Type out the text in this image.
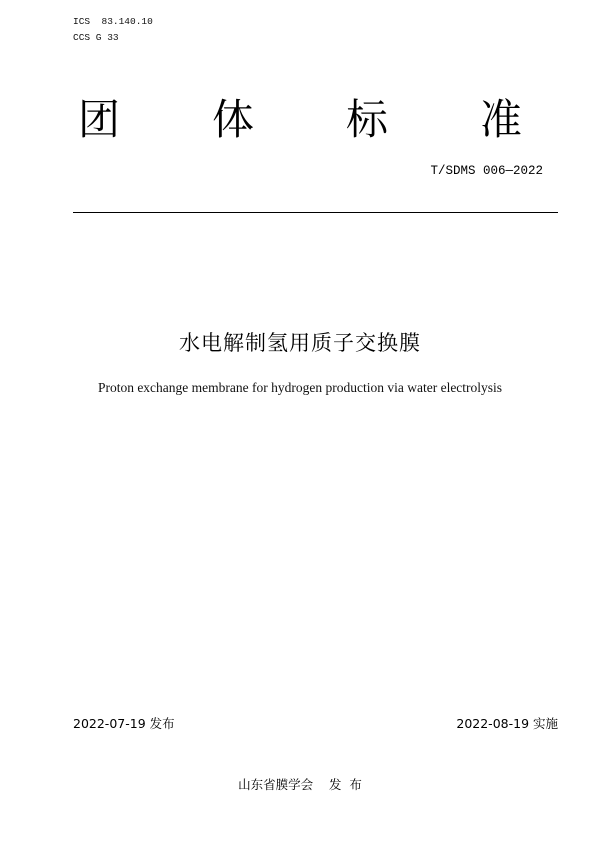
ICS  83.140.10
CCS G 33
团 体 标 准
T/SDMS 006—2022
水电解制氢用质子交换膜
Proton exchange membrane for hydrogen production via water electrolysis
2022-07-19 发布	2022-08-19 实施
山东省膜学会    发  布
